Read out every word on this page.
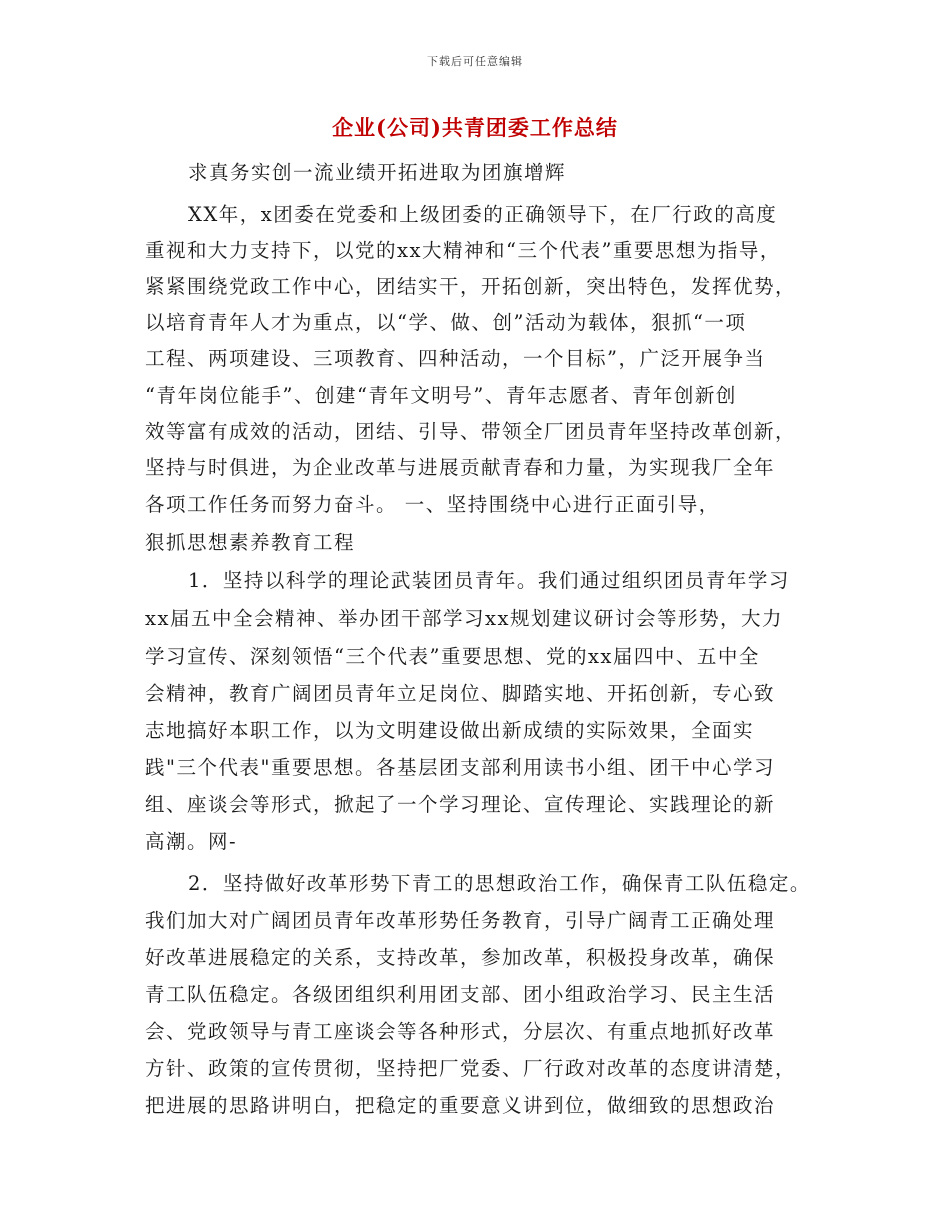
下载后可任意编辑
企业(公司)共青团委工作总结
求真务实创一流业绩开拓进取为团旗增辉
XX年，x团委在党委和上级团委的正确领导下，在厂行政的高度
重视和大力支持下，以党的xx大精神和“三个代表”重要思想为指导，
紧紧围绕党政工作中心，团结实干，开拓创新，突出特色，发挥优势，
以培育青年人才为重点，以“学、做、创”活动为载体，狠抓“一项
工程、两项建设、三项教育、四种活动，一个目标”，广泛开展争当
“青年岗位能手”、创建“青年文明号”、青年志愿者、青年创新创
效等富有成效的活动，团结、引导、带领全厂团员青年坚持改革创新，
坚持与时俱进，为企业改革与进展贡献青春和力量，为实现我厂全年
各项工作任务而努力奋斗。 一、坚持围绕中心进行正面引导，
狠抓思想素养教育工程
1．坚持以科学的理论武装团员青年。我们通过组织团员青年学习
xx届五中全会精神、举办团干部学习xx规划建议研讨会等形势，大力
学习宣传、深刻领悟“三个代表”重要思想、党的xx届四中、五中全
会精神，教育广阔团员青年立足岗位、脚踏实地、开拓创新，专心致
志地搞好本职工作，以为文明建设做出新成绩的实际效果，全面实
践"三个代表"重要思想。各基层团支部利用读书小组、团干中心学习
组、座谈会等形式，掀起了一个学习理论、宣传理论、实践理论的新
高潮。网-
2．坚持做好改革形势下青工的思想政治工作，确保青工队伍稳定。
我们加大对广阔团员青年改革形势任务教育，引导广阔青工正确处理
好改革进展稳定的关系，支持改革，参加改革，积极投身改革，确保
青工队伍稳定。各级团组织利用团支部、团小组政治学习、民主生活
会、党政领导与青工座谈会等各种形式，分层次、有重点地抓好改革
方针、政策的宣传贯彻，坚持把厂党委、厂行政对改革的态度讲清楚，
把进展的思路讲明白，把稳定的重要意义讲到位，做细致的思想政治
